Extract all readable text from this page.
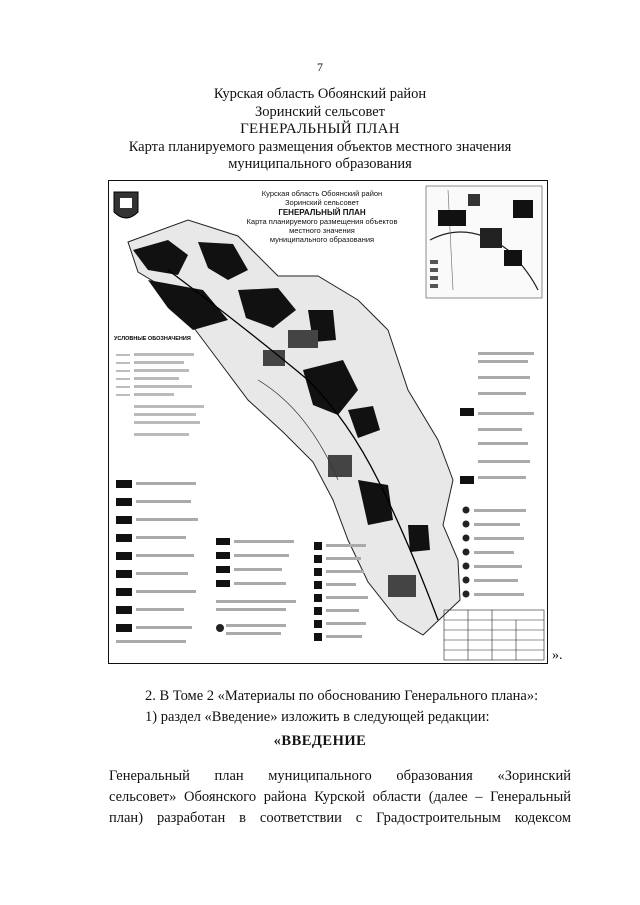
7
Курская область Обоянский район
Зоринский сельсовет
ГЕНЕРАЛЬНЫЙ ПЛАН
Карта планируемого размещения объектов местного значения
муниципального образования
Курская область Обоянский район
Зоринский сельсовет
ГЕНЕРАЛЬНЫЙ ПЛАН
Карта планируемого размещения объектов
местного значения
муниципального образования
УСЛОВНЫЕ ОБОЗНАЧЕНИЯ
».
2. В Томе 2 «Материалы по обоснованию Генерального плана»:
1) раздел «Введение» изложить в следующей редакции:
«ВВЕДЕНИЕ
Генеральный план муниципального образования «Зоринский
сельсовет» Обоянского района Курской области (далее – Генеральный
план) разработан в соответствии с Градостроительным кодексом
